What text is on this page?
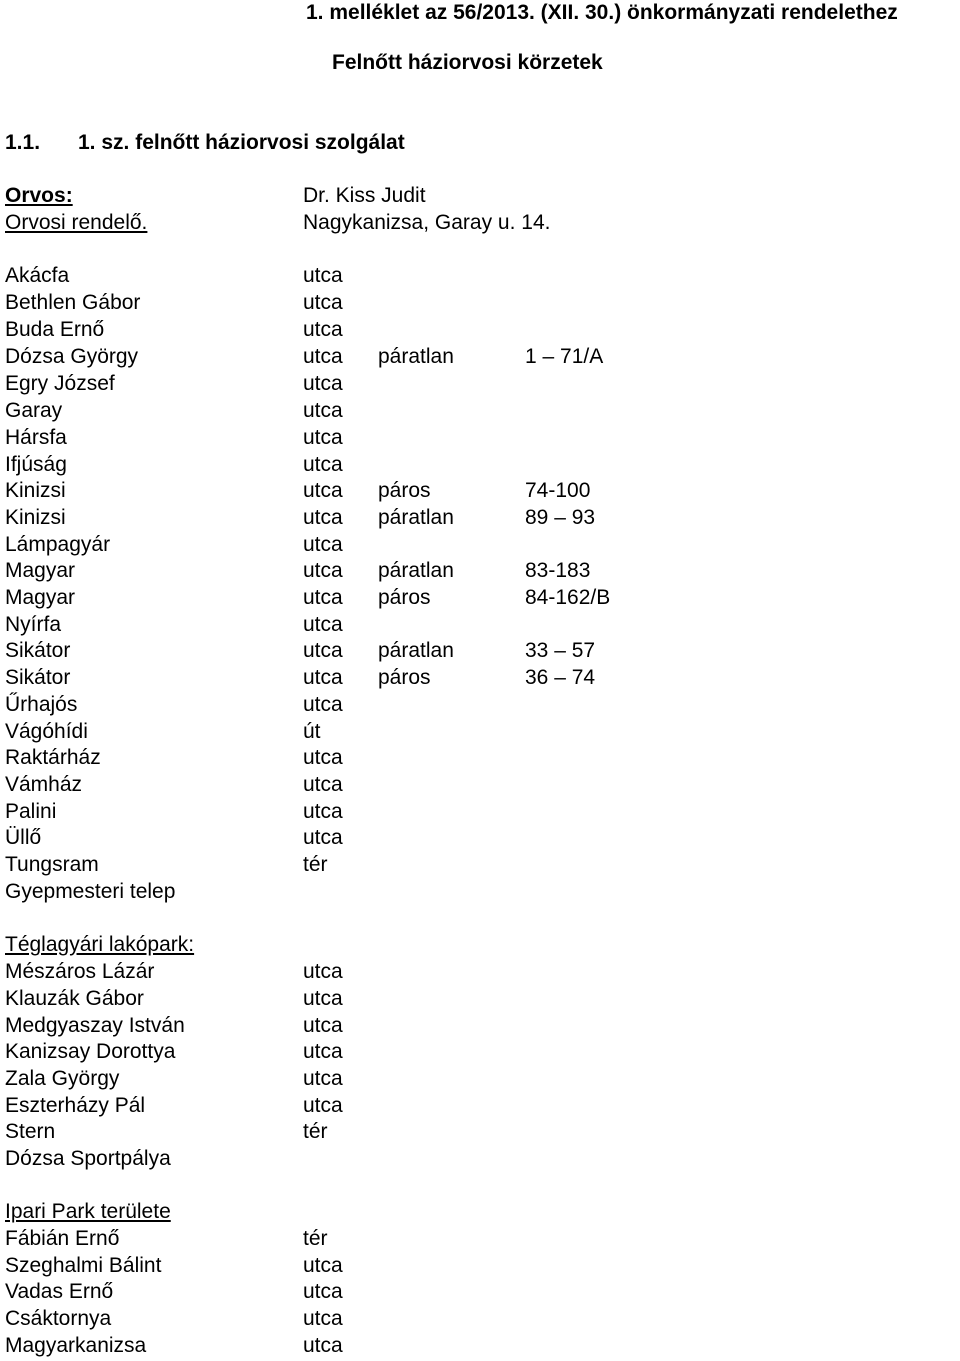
1. melléklet az 56/2013. (XII. 30.) önkormányzati rendelethez
Felnőtt háziorvosi körzetek
1.1. 1. sz. felnőtt háziorvosi szolgálat
Orvos:	Dr. Kiss Judit
Orvosi rendelő.	Nagykanizsa, Garay u. 14.
Akácfa	utca
Bethlen Gábor	utca
Buda Ernő	utca
Dózsa György	utca páratlan	1 – 71/A
Egry József	utca
Garay	utca
Hársfa	utca
Ifjúság	utca
Kinizsi	utca páros	74-100
Kinizsi	utca páratlan	89 – 93
Lámpagyár	utca
Magyar	utca páratlan	83-183
Magyar	utca páros	84-162/B
Nyírfa	utca
Sikátor	utca páratlan	33 – 57
Sikátor	utca páros	36 – 74
Űrhajós	utca
Vágóhídi	út
Raktárház	utca
Vámház	utca
Palini	utca
Üllő	utca
Tungsram	tér
Gyepmesteri telep
Téglagyári lakópark:
Mészáros Lázár	utca
Klauzák Gábor	utca
Medgyaszay István	utca
Kanizsay Dorottya	utca
Zala György	utca
Eszterházy Pál	utca
Stern	tér
Dózsa Sportpálya
Ipari Park területe
Fábián Ernő	tér
Szeghalmi Bálint	utca
Vadas Ernő	utca
Csáktornya	utca
Magyarkanizsa	utca
